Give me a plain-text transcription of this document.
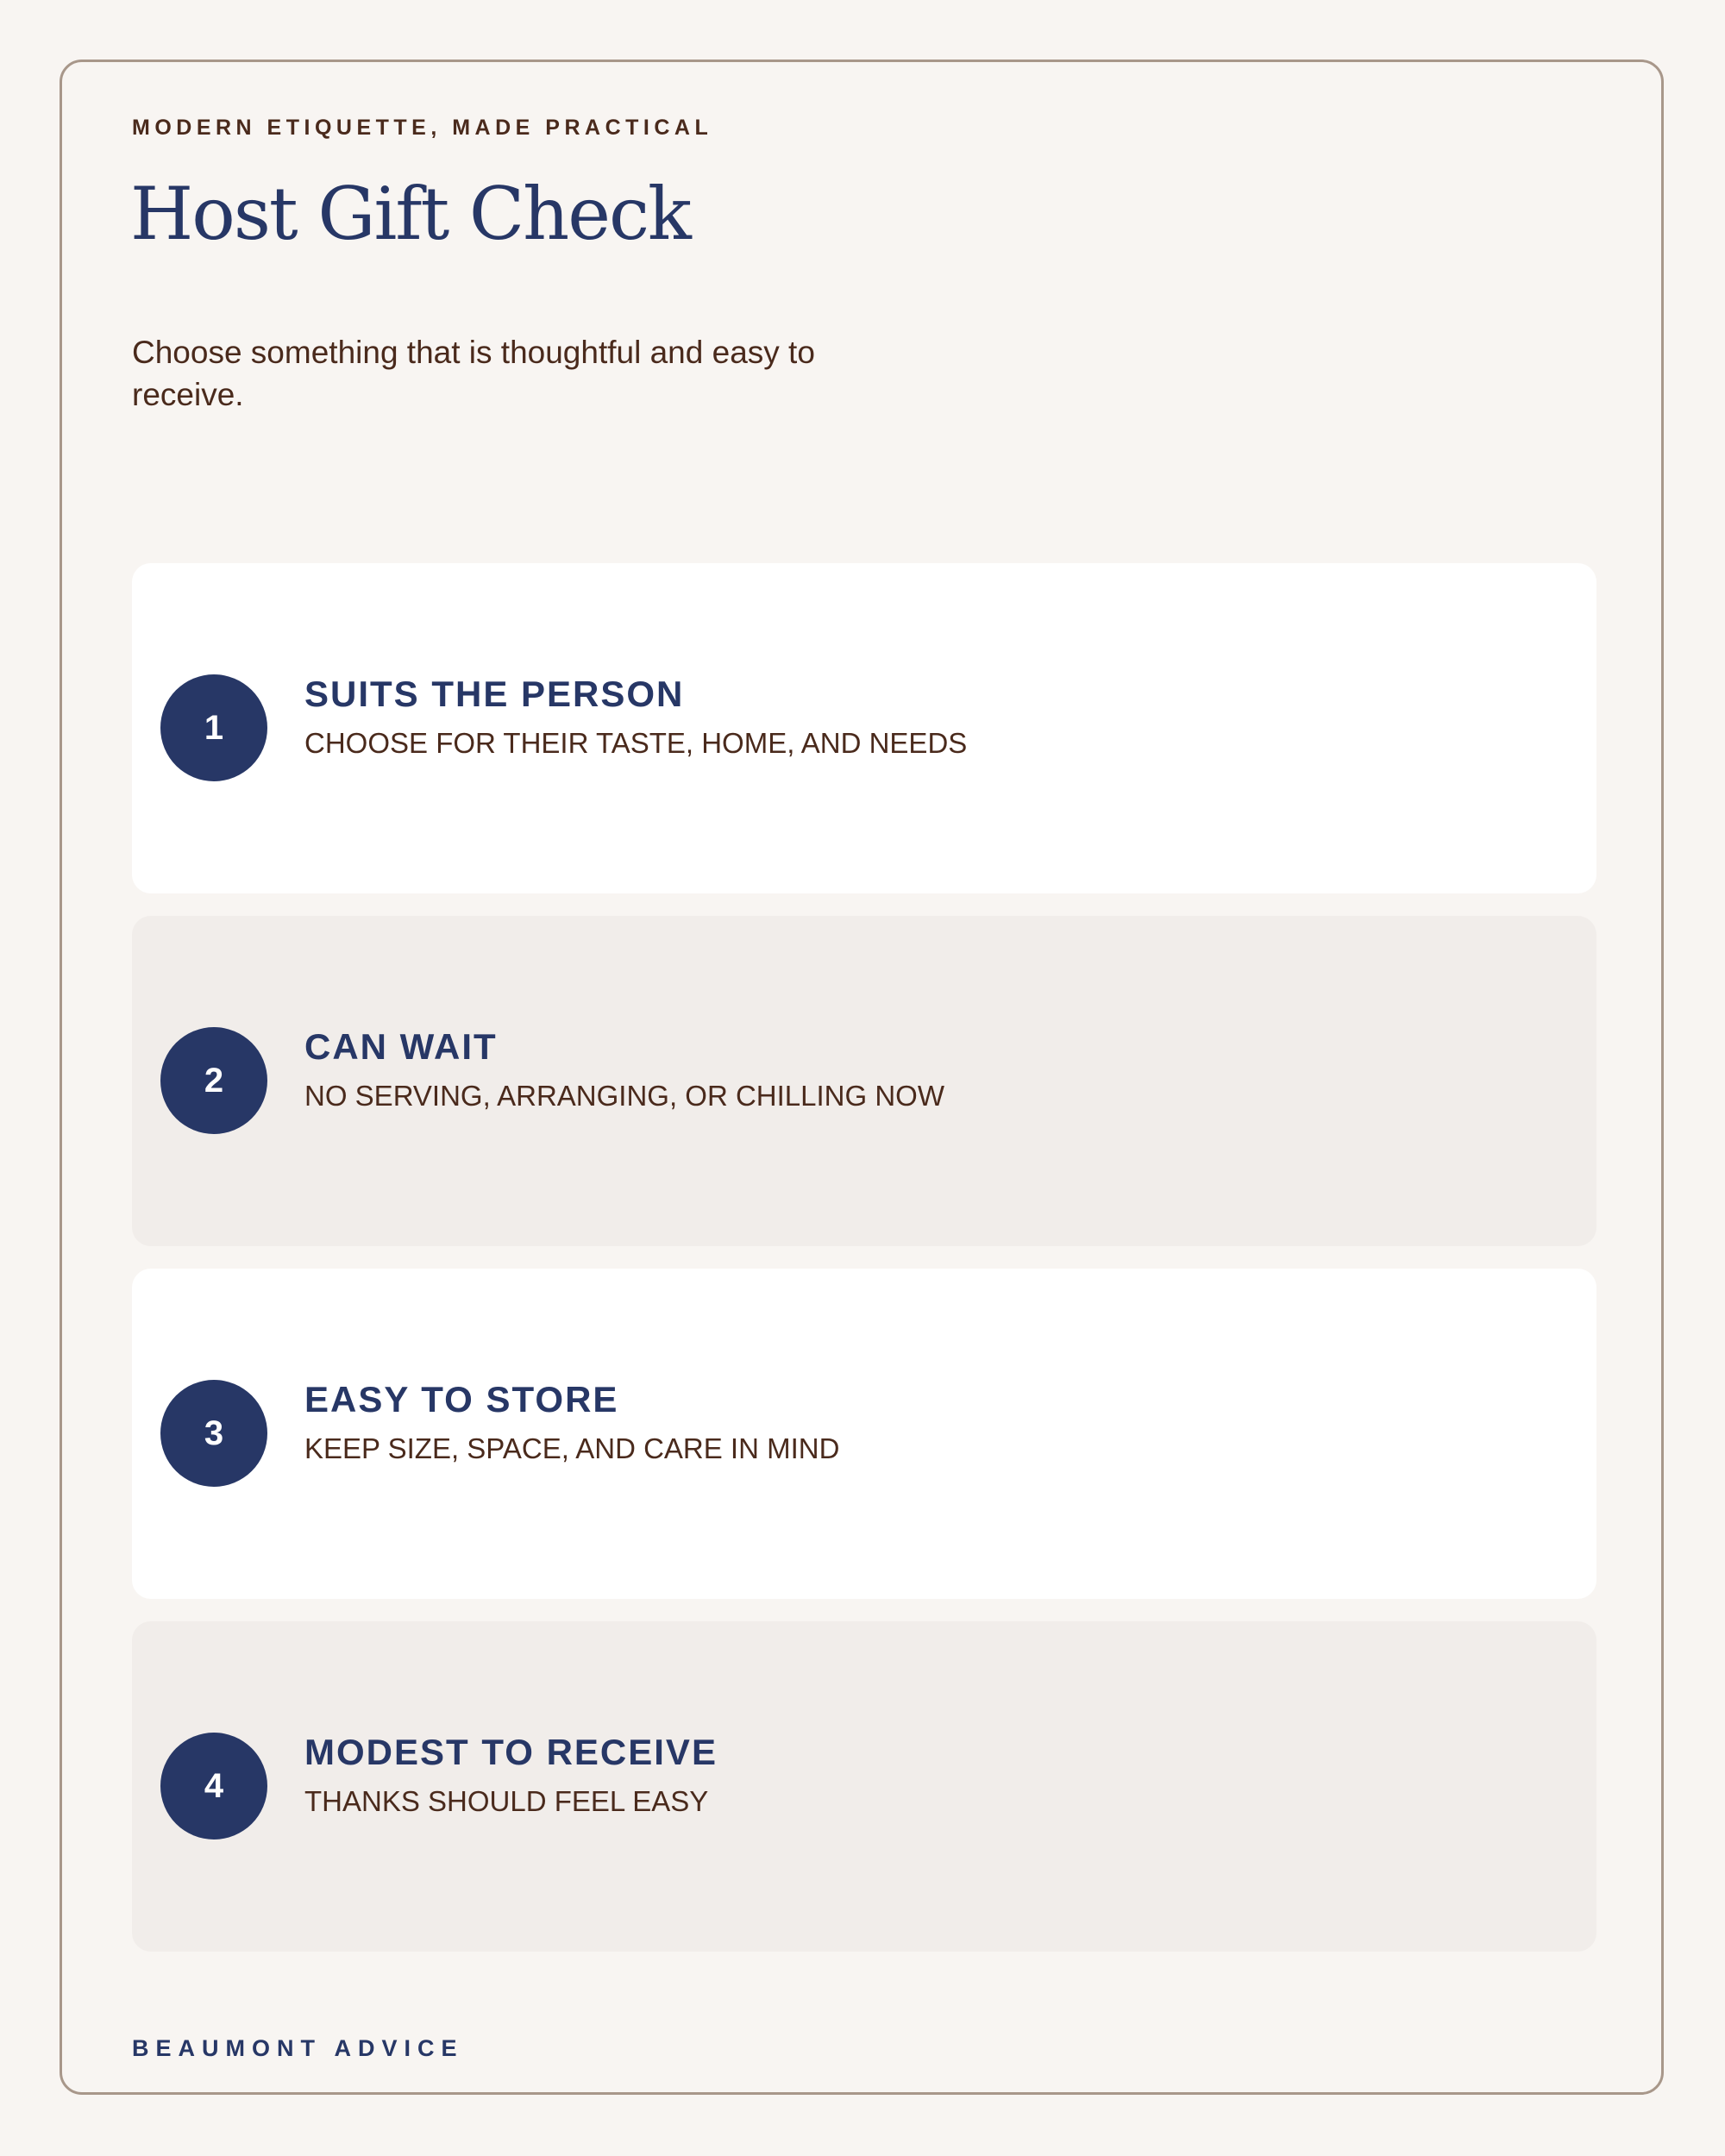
MODERN ETIQUETTE, MADE PRACTICAL
Host Gift Check
Choose something that is thoughtful and easy to receive.
1
SUITS THE PERSON
CHOOSE FOR THEIR TASTE, HOME, AND NEEDS
2
CAN WAIT
NO SERVING, ARRANGING, OR CHILLING NOW
3
EASY TO STORE
KEEP SIZE, SPACE, AND CARE IN MIND
4
MODEST TO RECEIVE
THANKS SHOULD FEEL EASY
BEAUMONT ADVICE
